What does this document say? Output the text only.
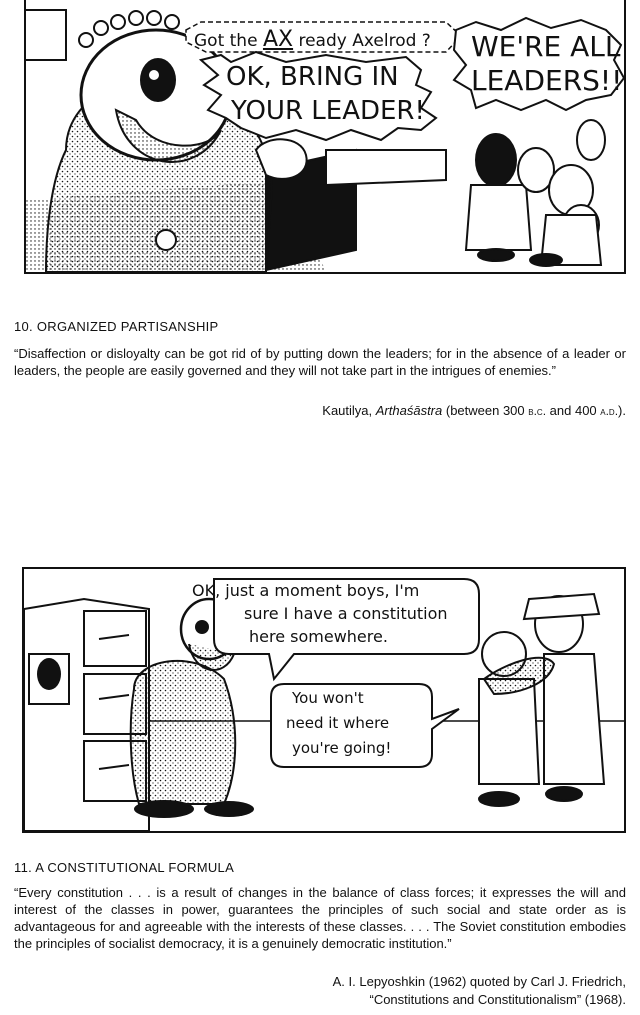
Got the AX ready Axelrod ?
OK, BRING IN
YOUR LEADER!
WE'RE ALL
LEADERS!!
10. ORGANIZED PARTISANSHIP
“Disaffection or disloyalty can be got rid of by putting down the leaders; for in the absence of a leader or leaders, the people are easily governed and they will not take part in the intrigues of enemies.”
Kautilya, Arthaśāstra (between 300 b.c. and 400 a.d.).
OK, just a moment boys, I'm
sure I have a constitution
here somewhere.
You won't
need it where
you're going!
11. A CONSTITUTIONAL FORMULA
“Every constitution . . . is a result of changes in the balance of class forces; it expresses the will and interest of the classes in power, guarantees the principles of such social and state order as is advantageous for and agreeable with the interests of these classes. . . . The Soviet constitution embodies the principles of socialist democracy, it is a genuinely democratic institution.”
A. I. Lepyoshkin (1962) quoted by Carl J. Friedrich,
“Constitutions and Constitutionalism” (1968).
